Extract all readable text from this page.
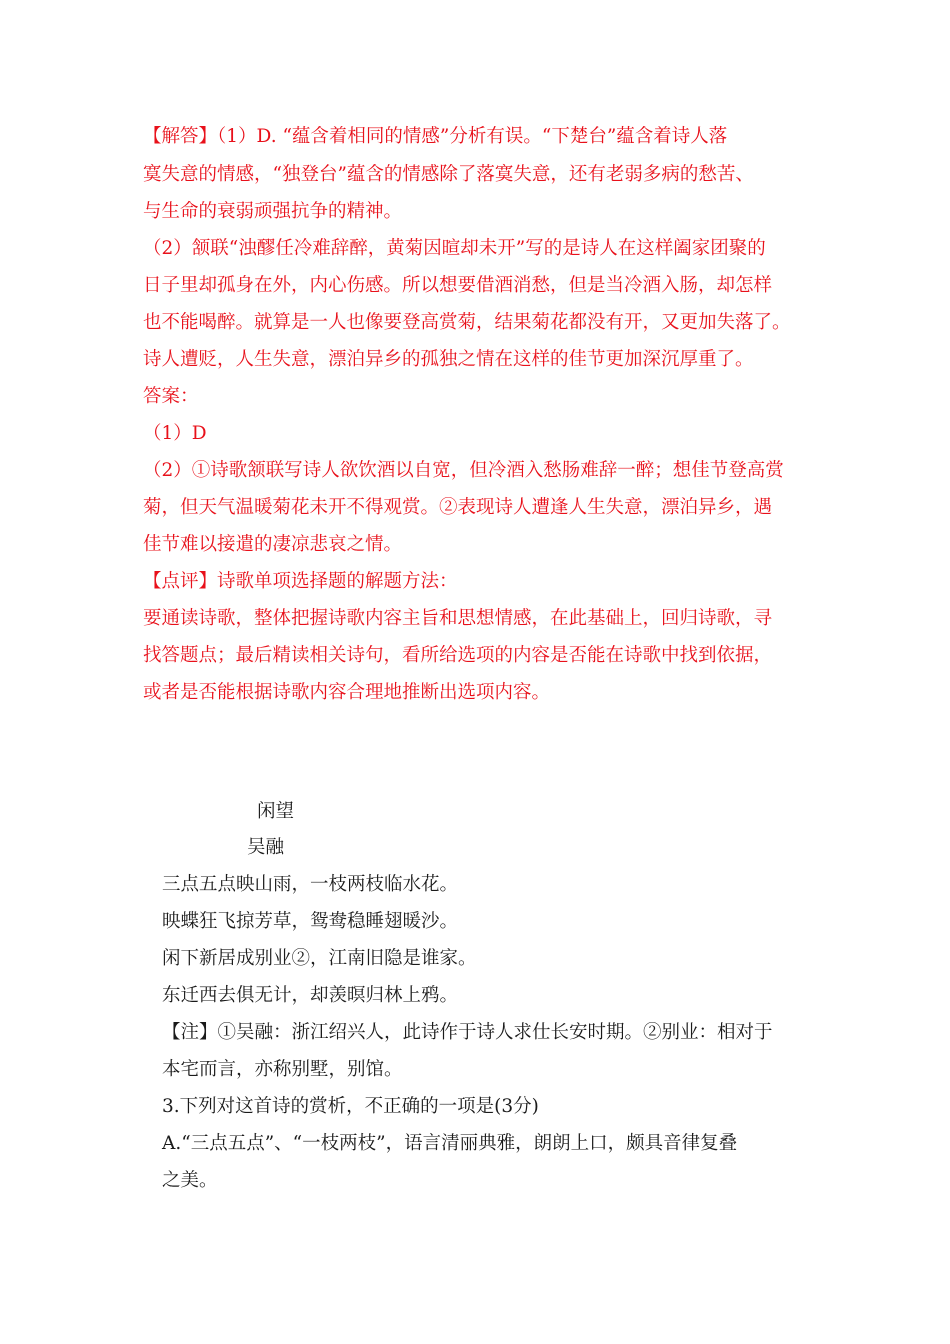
【解答】（1）D. “蕴含着相同的情感”分析有误。“下楚台”蕴含着诗人落
寞失意的情感，“独登台”蕴含的情感除了落寞失意，还有老弱多病的愁苦、
与生命的衰弱顽强抗争的精神。
（2）颔联“浊醪任冷难辞醉，黄菊因暄却未开”写的是诗人在这样阖家团聚的
日子里却孤身在外，内心伤感。所以想要借酒消愁，但是当冷酒入肠，却怎样
也不能喝醉。就算是一人也像要登高赏菊，结果菊花都没有开，又更加失落了。
诗人遭贬，人生失意，漂泊异乡的孤独之情在这样的佳节更加深沉厚重了。
答案：
（1）D
（2）①诗歌颔联写诗人欲饮酒以自宽，但冷酒入愁肠难辞一醉；想佳节登高赏
菊，但天气温暖菊花未开不得观赏。②表现诗人遭逢人生失意，漂泊异乡，遇
佳节难以接遣的凄凉悲哀之情。
【点评】诗歌单项选择题的解题方法：
要通读诗歌，整体把握诗歌内容主旨和思想情感，在此基础上，回归诗歌，寻
找答题点；最后精读相关诗句，看所给选项的内容是否能在诗歌中找到依据，
或者是否能根据诗歌内容合理地推断出选项内容。
闲望
吴融
三点五点映山雨，一枝两枝临水花。
映蝶狂飞掠芳草，鸳鸯稳睡翅暖沙。
闲下新居成别业②，江南旧隐是谁家。
东迁西去俱无计，却羡暝归林上鸦。
【注】①吴融：浙江绍兴人，此诗作于诗人求仕长安时期。②别业：相对于
本宅而言，亦称别墅，别馆。
3.下列对这首诗的赏析，不正确的一项是(3分)
A.“三点五点”、“一枝两枝”，语言清丽典雅，朗朗上口，颇具音律复叠
之美。
